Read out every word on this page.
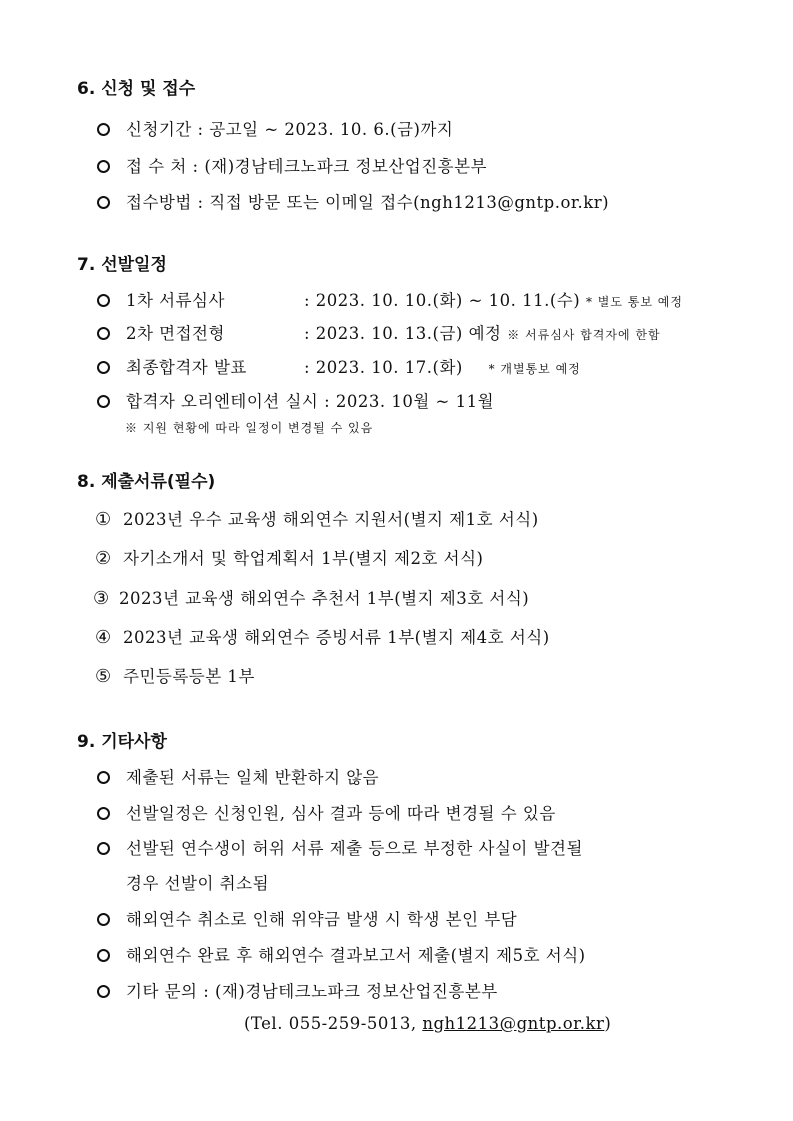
6. 신청 및 접수
신청기간 : 공고일 ~ 2023. 10. 6.(금)까지
접 수 처 : (재)경남테크노파크 정보산업진흥본부
접수방법 : 직접 방문 또는 이메일 접수(ngh1213@gntp.or.kr)
7. 선발일정
1차 서류심사	: 2023. 10. 10.(화) ~ 10. 11.(수) * 별도 통보 예정
2차 면접전형	: 2023. 10. 13.(금) 예정 ※ 서류심사 합격자에 한함
최종합격자 발표	: 2023. 10. 17.(화) * 개별통보 예정
합격자 오리엔테이션 실시 : 2023. 10월 ~ 11월
※ 지원 현황에 따라 일정이 변경될 수 있음
8. 제출서류(필수)
① 2023년 우수 교육생 해외연수 지원서(별지 제1호 서식)
② 자기소개서 및 학업계획서 1부(별지 제2호 서식)
③ 2023년 교육생 해외연수 추천서 1부(별지 제3호 서식)
④ 2023년 교육생 해외연수 증빙서류 1부(별지 제4호 서식)
⑤ 주민등록등본 1부
9. 기타사항
제출된 서류는 일체 반환하지 않음
선발일정은 신청인원, 심사 결과 등에 따라 변경될 수 있음
선발된 연수생이 허위 서류 제출 등으로 부정한 사실이 발견될
경우 선발이 취소됨
해외연수 취소로 인해 위약금 발생 시 학생 본인 부담
해외연수 완료 후 해외연수 결과보고서 제출(별지 제5호 서식)
기타 문의 : (재)경남테크노파크 정보산업진흥본부
(Tel. 055-259-5013, ngh1213@gntp.or.kr)
